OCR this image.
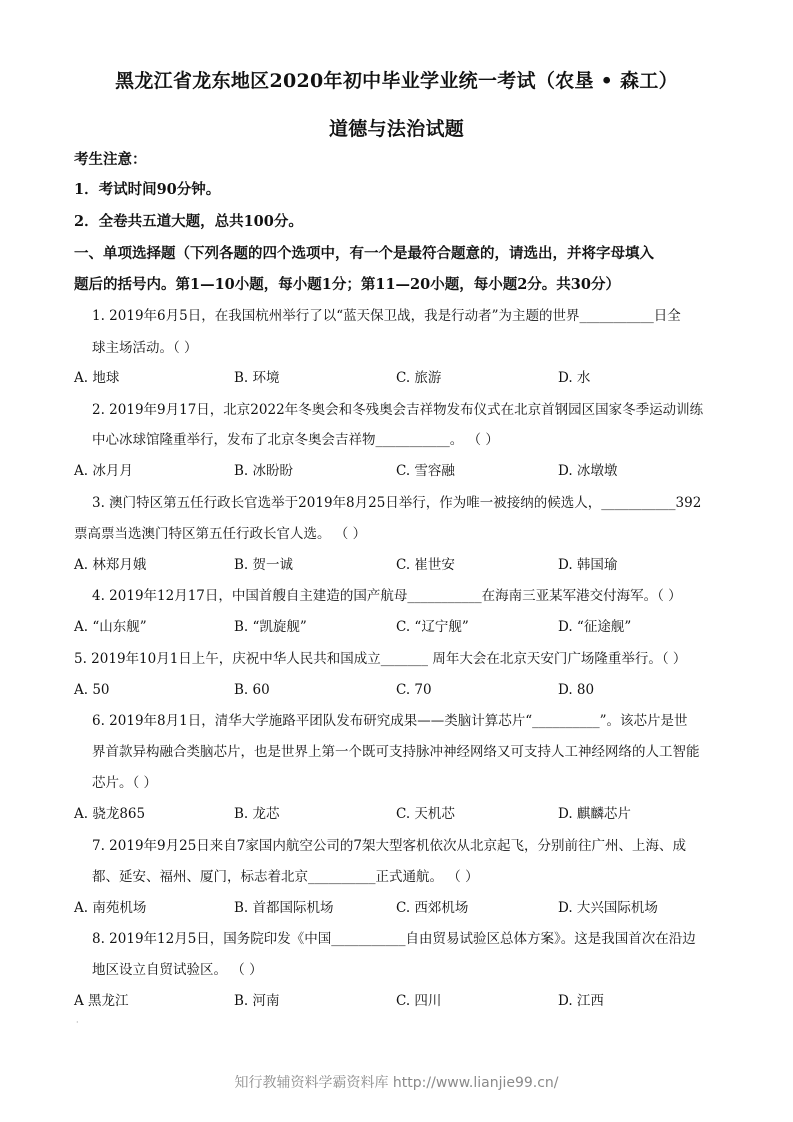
黑龙江省龙东地区2020年初中毕业学业统一考试（农垦 • 森工）
道德与法治试题
考生注意：
1．考试时间90分钟。
2．全卷共五道大题，总共100分。
一、单项选择题（下列各题的四个选项中，有一个是最符合题意的，请选出，并将字母填入
题后的括号内。第1—10小题，每小题1分；第11—20小题，每小题2分。共30分）
1. 2019年6月5日，在我国杭州举行了以“蓝天保卫战，我是行动者”为主题的世界___________日全
球主场活动。（ ）
A. 地球	B. 环境	C. 旅游	D. 水
2. 2019年9月17日，北京2022年冬奥会和冬残奥会吉祥物发布仪式在北京首钢园区国家冬季运动训练
中心冰球馆隆重举行，发布了北京冬奥会吉祥物___________。 （ ）
A. 冰月月	B. 冰盼盼	C. 雪容融	D. 冰墩墩
3. 澳门特区第五任行政长官选举于2019年8月25日举行，作为唯一被接纳的候选人，___________392
票高票当选澳门特区第五任行政长官人选。 （ ）
A. 林郑月娥	B. 贺一诚	C. 崔世安	D. 韩国瑜
4. 2019年12月17日，中国首艘自主建造的国产航母___________在海南三亚某军港交付海军。（ ）
A. “山东舰”	B. “凯旋舰”	C. “辽宁舰”	D. “征途舰”
5. 2019年10月1日上午，庆祝中华人民共和国成立_______ 周年大会在北京天安门广场隆重举行。（ ）
A. 50	B. 60	C. 70	D. 80
6. 2019年8月1日，清华大学施路平团队发布研究成果——类脑计算芯片“__________”。该芯片是世
界首款异构融合类脑芯片，也是世界上第一个既可支持脉冲神经网络又可支持人工神经网络的人工智能
芯片。（ ）
A. 骁龙865	B. 龙芯	C. 天机芯	D. 麒麟芯片
7. 2019年9月25日来自7家国内航空公司的7架大型客机依次从北京起飞，分别前往广州、上海、成
都、延安、福州、厦门，标志着北京__________正式通航。 （ ）
A. 南苑机场	B. 首都国际机场	C. 西郊机场	D. 大兴国际机场
8. 2019年12月5日，国务院印发《中国___________自由贸易试验区总体方案》。这是我国首次在沿边
地区设立自贸试验区。 （ ）
A 黑龙江	B. 河南	C. 四川	D. 江西
·
知行教辅资料学霸资料库 http://www.lianjie99.cn/
